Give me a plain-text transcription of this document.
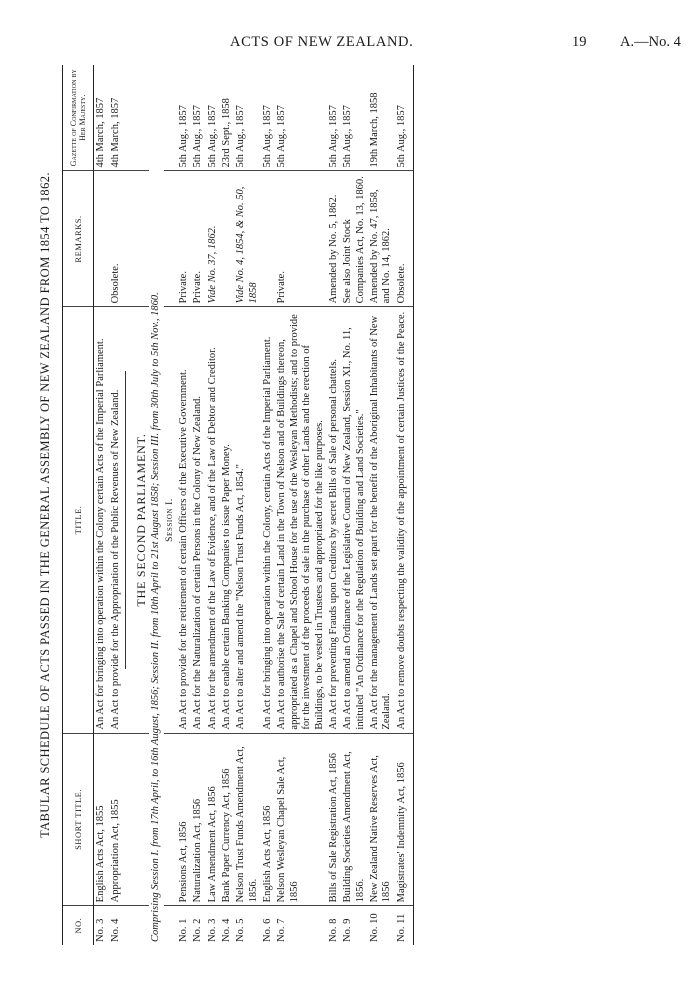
ACTS OF NEW ZEALAND.	19 A.—No. 4
TABULAR SCHEDULE OF ACTS PASSED IN THE GENERAL ASSEMBLY OF NEW ZEALAND FROM 1854 TO 1862.
NO.	SHORT TITLE.	TITLE.	REMARKS.	Gazette of Confirmation by Her Majesty.
No. 3	English Acts Act, 1855	An Act for bringing into operation within the Colony certain Acts of the Imperial Parliament.		4th March, 1857
No. 4	Appropriation Act, 1855	An Act to provide for the Appropriation of the Public Revenues of New Zealand.	Obsolete.	4th March, 1857

		THE SECOND PARLIAMENT.		
Comprising Session I. from 17th April, to 16th August, 1856; Session II. from 10th April to 21st August 1858; Session III. from 30th July to 5th Nov., 1860.				
		Session I.		
No. 1	Pensions Act, 1856	An Act to provide for the retirement of certain Officers of the Executive Government.	Private.	5th Aug., 1857
No. 2	Naturalization Act, 1856	An Act for the Naturalization of certain Persons in the Colony of New Zealand.	Private.	5th Aug., 1857
No. 3	Law Amendment Act, 1856	An Act for the amendment of the Law of Evidence, and of the Law of Debtor and Creditor.	Vide No. 37, 1862.	5th Aug., 1857
No. 4	Bank Paper Currency Act, 1856	An Act to enable certain Banking Companies to issue Paper Money.		23rd Sept., 1858
No. 5	Nelson Trust Funds Amendment Act, 1856.	An Act to alter and amend the "Nelson Trust Funds Act, 1854."	Vide No. 4, 1854, & No. 50, 1858	5th Aug., 1857
No. 6	English Acts Act, 1856	An Act for bringing into operation within the Colony, certain Acts of the Imperial Parliament.		5th Aug., 1857
No. 7	Nelson Wesleyan Chapel Sale Act, 1856	An Act to authorise the Sale of certain Land in the Town of Nelson and of Buildings thereon, appropriated as a Chapel and School House for the use of the Wesleyan Methodists; and to provide for the investment of the proceeds of sale in the purchase of other Lands and the erection of Buildings, to be vested in Trustees and appropriated for the like purposes.	Private.	5th Aug., 1857
No. 8	Bills of Sale Registration Act, 1856	An Act for preventing Frauds upon Creditors by secret Bills of Sale of personal chattels.	Amended by No. 5, 1862.	5th Aug., 1857
No. 9	Building Societies Amendment Act, 1856.	An Act to amend an Ordinance of the Legislative Council of New Zealand, Session XI., No. 11, intituled "An Ordinance for the Regulation of Building and Land Societies."	See also Joint Stock Companies Act, No. 13, 1860.	5th Aug., 1857
No. 10	New Zealand Native Reserves Act, 1856	An Act for the management of Lands set apart for the benefit of the Aboriginal Inhabitants of New Zealand.	Amended by No. 47, 1858, and No. 14, 1862.	19th March, 1858
No. 11	Magistrates' Indemnity Act, 1856	An Act to remove doubts respecting the validity of the appointment of certain Justices of the Peace.	Obsolete.	5th Aug., 1857
